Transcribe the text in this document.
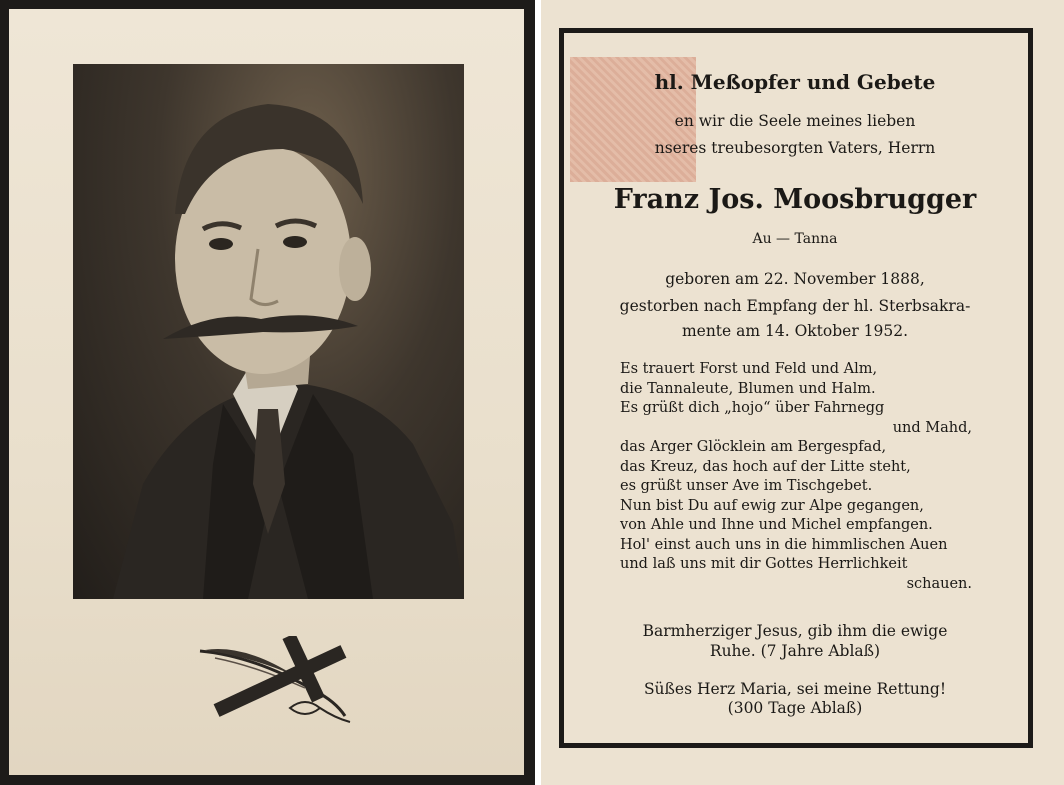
hl. Meßopfer und Gebete
en wir die Seele meines lieben
nseres treubesorgten Vaters, Herrn
Franz Jos. Moosbrugger
Au — Tanna
geboren am 22. November 1888,
gestorben nach Empfang der hl. Sterbsakra-
mente am 14. Oktober 1952.
Es trauert Forst und Feld und Alm,
die Tannaleute, Blumen und Halm.
Es grüßt dich „hojo“ über Fahrnegg
und Mahd,
das Arger Glöcklein am Bergespfad,
das Kreuz, das hoch auf der Litte steht,
es grüßt unser Ave im Tischgebet.
Nun bist Du auf ewig zur Alpe gegangen,
von Ahle und Ihne und Michel empfangen.
Hol' einst auch uns in die himmlischen Auen
und laß uns mit dir Gottes Herrlichkeit
schauen.
Barmherziger Jesus, gib ihm die ewige
Ruhe. (7 Jahre Ablaß)
Süßes Herz Maria, sei meine Rettung!
(300 Tage Ablaß)
